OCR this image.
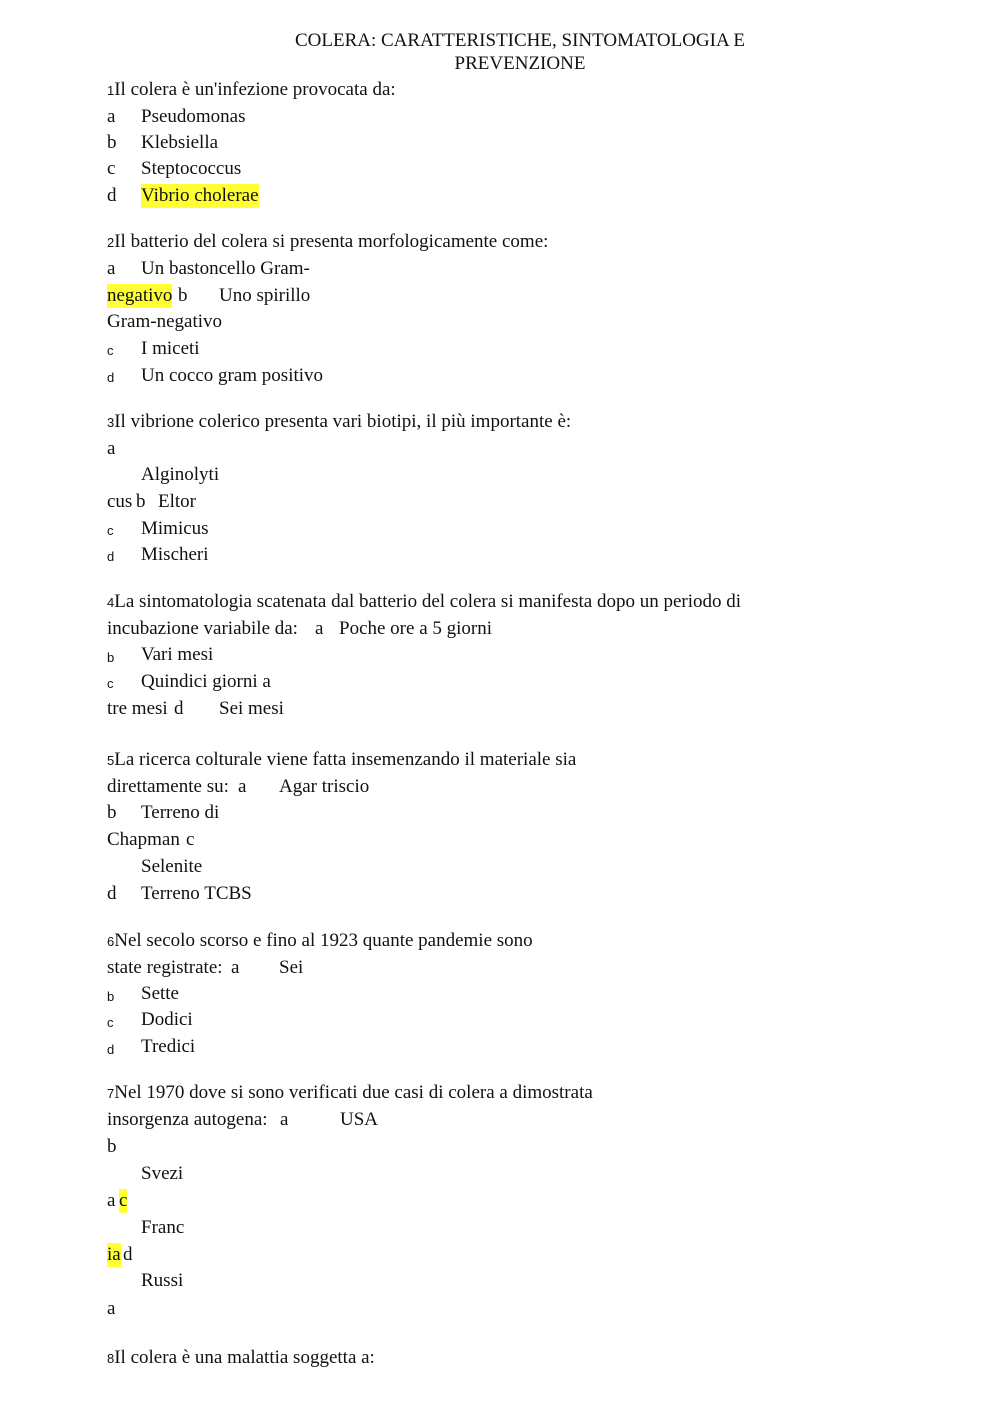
COLERA: CARATTERISTICHE, SINTOMATOLOGIA E
PREVENZIONE
1Il colera è un'infezione provocata da:
a Pseudomonas
b Klebsiella
c Steptococcus
d Vibrio cholerae
2Il batterio del colera si presenta morfologicamente come:
a Un bastoncello Gram-
negativo b Uno spirillo
Gram-negativo
c I miceti
d Un cocco gram positivo
3Il vibrione colerico presenta vari biotipi, il più importante è:
a
Alginolyti
cus b Eltor
c Mimicus
d Mischeri
4La sintomatologia scatenata dal batterio del colera si manifesta dopo un periodo di
incubazione variabile da: a Poche ore a 5 giorni
b Vari mesi
c Quindici giorni a
tre mesi d Sei mesi
5La ricerca colturale viene fatta insemenzando il materiale sia
direttamente su: a Agar triscio
b Terreno di
Chapman c
Selenite
d Terreno TCBS
6Nel secolo scorso e fino al 1923 quante pandemie sono
state registrate: a Sei
b Sette
c Dodici
d Tredici
7Nel 1970 dove si sono verificati due casi di colera a dimostrata
insorgenza autogena: a	USA
b
Svezi
a c
Franc
ia d
Russi
a
8Il colera è una malattia soggetta a:
